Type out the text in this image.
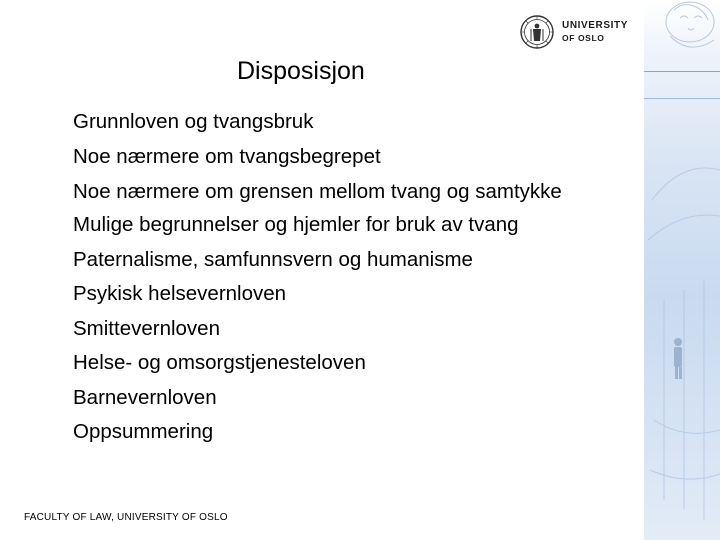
UNIVERSITY
OF OSLO
Disposisjon
Grunnloven og tvangsbruk
Noe nærmere om tvangsbegrepet
Noe nærmere om grensen mellom tvang og samtykke
Mulige begrunnelser og hjemler for bruk av tvang
Paternalisme, samfunnsvern og humanisme
Psykisk helsevernloven
Smittevernloven
Helse- og omsorgstjenesteloven
Barnevernloven
Oppsummering
FACULTY OF LAW, UNIVERSITY OF OSLO
